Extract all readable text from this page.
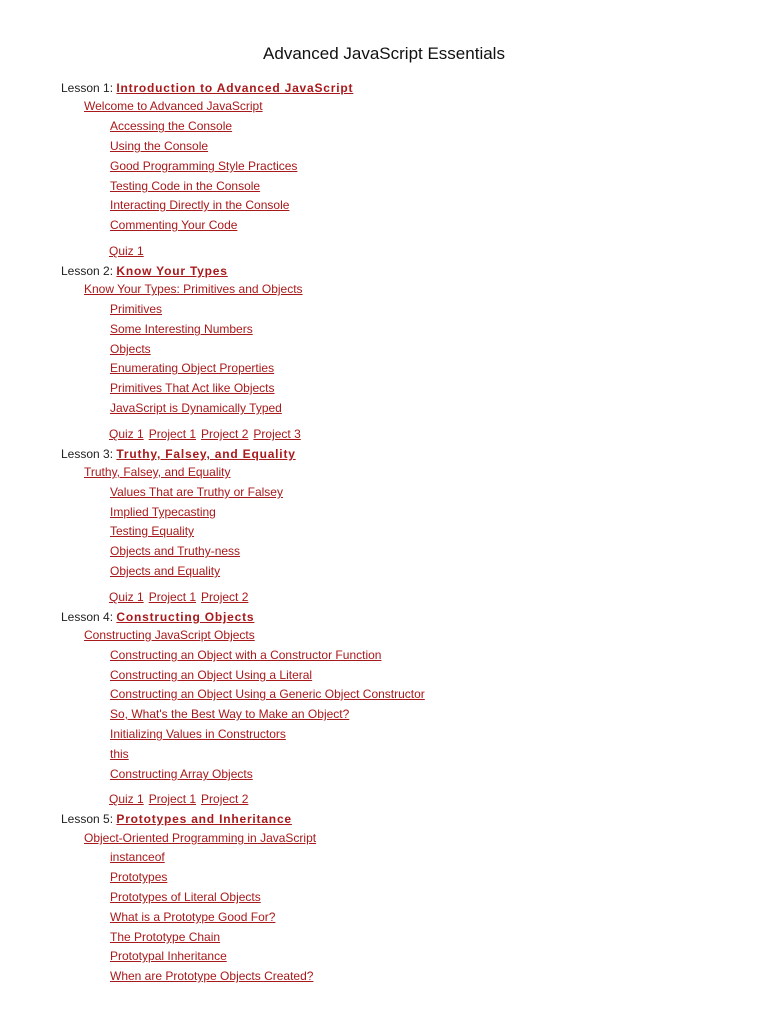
Advanced JavaScript Essentials
Lesson 1: Introduction to Advanced JavaScript
Welcome to Advanced JavaScript
Accessing the Console
Using the Console
Good Programming Style Practices
Testing Code in the Console
Interacting Directly in the Console
Commenting Your Code
Quiz 1
Lesson 2: Know Your Types
Know Your Types: Primitives and Objects
Primitives
Some Interesting Numbers
Objects
Enumerating Object Properties
Primitives That Act like Objects
JavaScript is Dynamically Typed
Quiz 1 Project 1 Project 2 Project 3
Lesson 3: Truthy, Falsey, and Equality
Truthy, Falsey, and Equality
Values That are Truthy or Falsey
Implied Typecasting
Testing Equality
Objects and Truthy-ness
Objects and Equality
Quiz 1 Project 1 Project 2
Lesson 4: Constructing Objects
Constructing JavaScript Objects
Constructing an Object with a Constructor Function
Constructing an Object Using a Literal
Constructing an Object Using a Generic Object Constructor
So, What's the Best Way to Make an Object?
Initializing Values in Constructors
this
Constructing Array Objects
Quiz 1 Project 1 Project 2
Lesson 5: Prototypes and Inheritance
Object-Oriented Programming in JavaScript
instanceof
Prototypes
Prototypes of Literal Objects
What is a Prototype Good For?
The Prototype Chain
Prototypal Inheritance
When are Prototype Objects Created?
